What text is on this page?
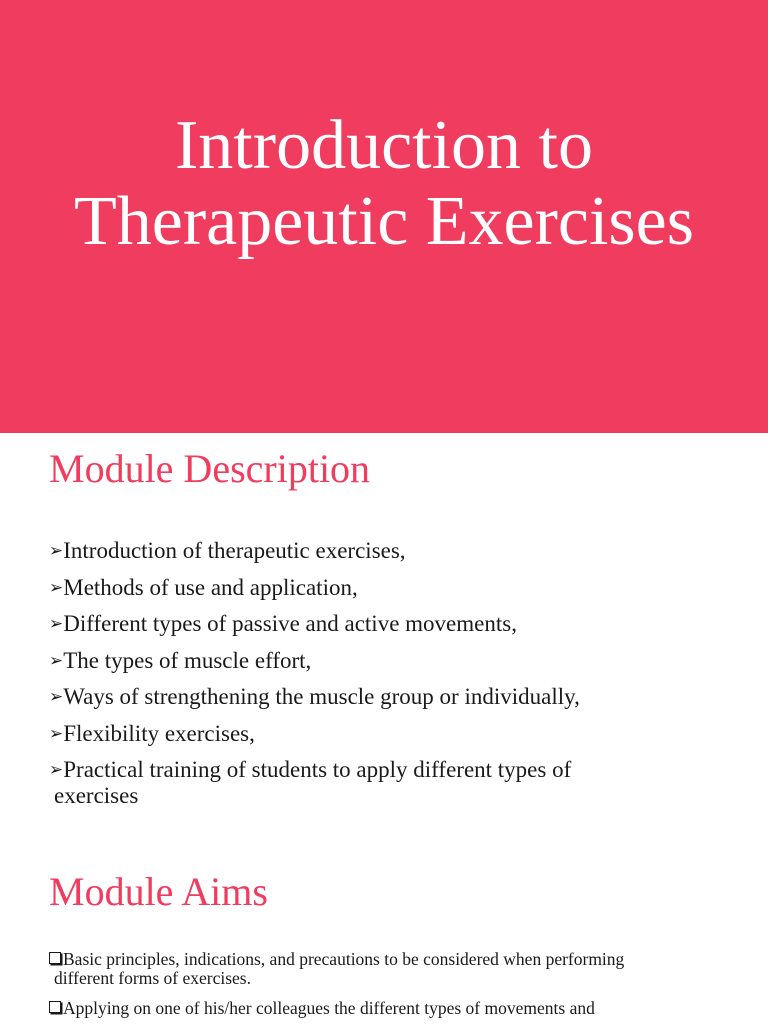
Introduction to
Therapeutic Exercises
Module Description
➢Introduction of therapeutic exercises,
➢Methods of use and application,
➢Different types of passive and active movements,
➢The types of muscle effort,
➢Ways of strengthening the muscle group or individually,
➢Flexibility exercises,
➢Practical training of students to apply different types of
exercises
Module Aims
Basic principles, indications, and precautions to be considered when performing
different forms of exercises.
Applying on one of his/her colleagues the different types of movements and
